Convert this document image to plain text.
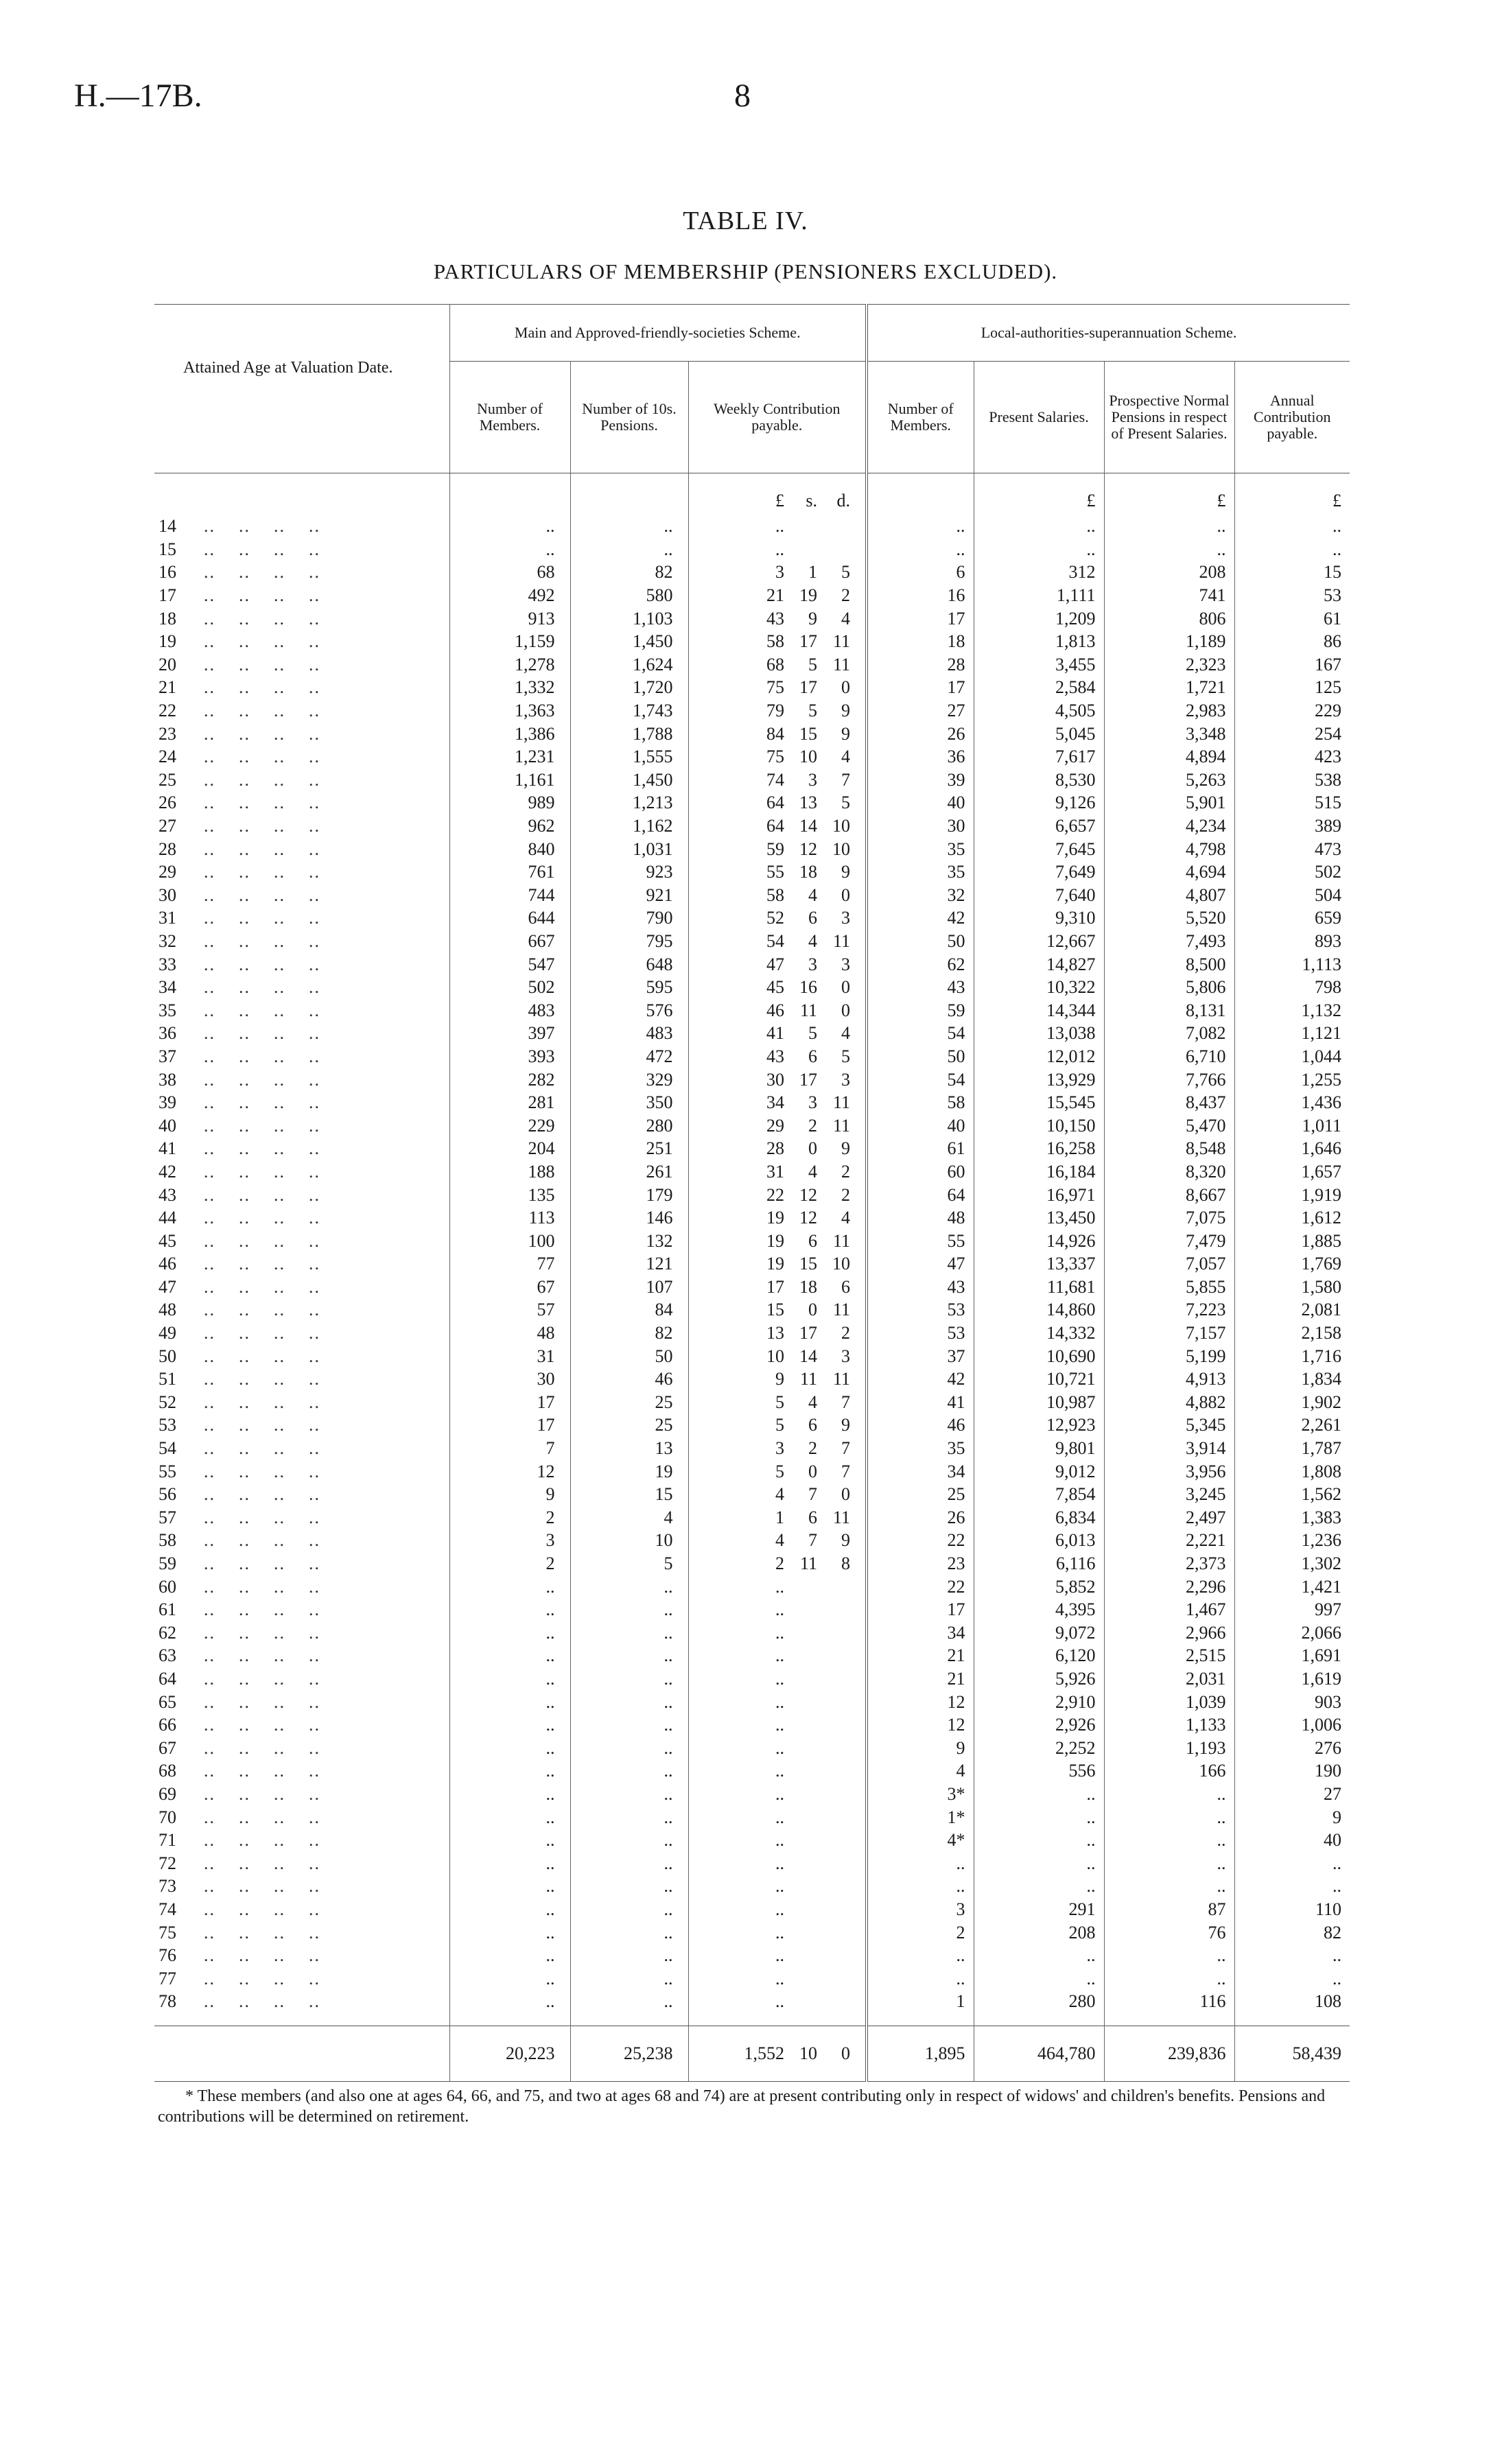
H.—17B.	8
TABLE IV.
PARTICULARS OF MEMBERSHIP (PENSIONERS EXCLUDED).
Attained Age at Valuation Date.	Main and Approved-friendly-societies Scheme.			Local-authorities-superannuation Scheme.			
	Number of Members.	Number of 10s. Pensions.	Weekly Contribution payable.	Number of Members.	Present Salaries.	Prospective Normal Pensions in respect of Present Salaries.	Annual Contribution payable.
			£ s. d.		£	£	£
14 ..    ..    ..    ..	..	..	..	..	..	..	..
15 ..    ..    ..    ..	..	..	..	..	..	..	..
16 ..    ..    ..    ..	68	82	3 1 5	6	312	208	15
17 ..    ..    ..    ..	492	580	21 19 2	16	1,111	741	53
18 ..    ..    ..    ..	913	1,103	43 9 4	17	1,209	806	61
19 ..    ..    ..    ..	1,159	1,450	58 17 11	18	1,813	1,189	86
20 ..    ..    ..    ..	1,278	1,624	68 5 11	28	3,455	2,323	167
21 ..    ..    ..    ..	1,332	1,720	75 17 0	17	2,584	1,721	125
22 ..    ..    ..    ..	1,363	1,743	79 5 9	27	4,505	2,983	229
23 ..    ..    ..    ..	1,386	1,788	84 15 9	26	5,045	3,348	254
24 ..    ..    ..    ..	1,231	1,555	75 10 4	36	7,617	4,894	423
25 ..    ..    ..    ..	1,161	1,450	74 3 7	39	8,530	5,263	538
26 ..    ..    ..    ..	989	1,213	64 13 5	40	9,126	5,901	515
27 ..    ..    ..    ..	962	1,162	64 14 10	30	6,657	4,234	389
28 ..    ..    ..    ..	840	1,031	59 12 10	35	7,645	4,798	473
29 ..    ..    ..    ..	761	923	55 18 9	35	7,649	4,694	502
30 ..    ..    ..    ..	744	921	58 4 0	32	7,640	4,807	504
31 ..    ..    ..    ..	644	790	52 6 3	42	9,310	5,520	659
32 ..    ..    ..    ..	667	795	54 4 11	50	12,667	7,493	893
33 ..    ..    ..    ..	547	648	47 3 3	62	14,827	8,500	1,113
34 ..    ..    ..    ..	502	595	45 16 0	43	10,322	5,806	798
35 ..    ..    ..    ..	483	576	46 11 0	59	14,344	8,131	1,132
36 ..    ..    ..    ..	397	483	41 5 4	54	13,038	7,082	1,121
37 ..    ..    ..    ..	393	472	43 6 5	50	12,012	6,710	1,044
38 ..    ..    ..    ..	282	329	30 17 3	54	13,929	7,766	1,255
39 ..    ..    ..    ..	281	350	34 3 11	58	15,545	8,437	1,436
40 ..    ..    ..    ..	229	280	29 2 11	40	10,150	5,470	1,011
41 ..    ..    ..    ..	204	251	28 0 9	61	16,258	8,548	1,646
42 ..    ..    ..    ..	188	261	31 4 2	60	16,184	8,320	1,657
43 ..    ..    ..    ..	135	179	22 12 2	64	16,971	8,667	1,919
44 ..    ..    ..    ..	113	146	19 12 4	48	13,450	7,075	1,612
45 ..    ..    ..    ..	100	132	19 6 11	55	14,926	7,479	1,885
46 ..    ..    ..    ..	77	121	19 15 10	47	13,337	7,057	1,769
47 ..    ..    ..    ..	67	107	17 18 6	43	11,681	5,855	1,580
48 ..    ..    ..    ..	57	84	15 0 11	53	14,860	7,223	2,081
49 ..    ..    ..    ..	48	82	13 17 2	53	14,332	7,157	2,158
50 ..    ..    ..    ..	31	50	10 14 3	37	10,690	5,199	1,716
51 ..    ..    ..    ..	30	46	9 11 11	42	10,721	4,913	1,834
52 ..    ..    ..    ..	17	25	5 4 7	41	10,987	4,882	1,902
53 ..    ..    ..    ..	17	25	5 6 9	46	12,923	5,345	2,261
54 ..    ..    ..    ..	7	13	3 2 7	35	9,801	3,914	1,787
55 ..    ..    ..    ..	12	19	5 0 7	34	9,012	3,956	1,808
56 ..    ..    ..    ..	9	15	4 7 0	25	7,854	3,245	1,562
57 ..    ..    ..    ..	2	4	1 6 11	26	6,834	2,497	1,383
58 ..    ..    ..    ..	3	10	4 7 9	22	6,013	2,221	1,236
59 ..    ..    ..    ..	2	5	2 11 8	23	6,116	2,373	1,302
60 ..    ..    ..    ..	..	..	..	22	5,852	2,296	1,421
61 ..    ..    ..    ..	..	..	..	17	4,395	1,467	997
62 ..    ..    ..    ..	..	..	..	34	9,072	2,966	2,066
63 ..    ..    ..    ..	..	..	..	21	6,120	2,515	1,691
64 ..    ..    ..    ..	..	..	..	21	5,926	2,031	1,619
65 ..    ..    ..    ..	..	..	..	12	2,910	1,039	903
66 ..    ..    ..    ..	..	..	..	12	2,926	1,133	1,006
67 ..    ..    ..    ..	..	..	..	9	2,252	1,193	276
68 ..    ..    ..    ..	..	..	..	4	556	166	190
69 ..    ..    ..    ..	..	..	..	3*	..	..	27
70 ..    ..    ..    ..	..	..	..	1*	..	..	9
71 ..    ..    ..    ..	..	..	..	4*	..	..	40
72 ..    ..    ..    ..	..	..	..	..	..	..	..
73 ..    ..    ..    ..	..	..	..	..	..	..	..
74 ..    ..    ..    ..	..	..	..	3	291	87	110
75 ..    ..    ..    ..	..	..	..	2	208	76	82
76 ..    ..    ..    ..	..	..	..	..	..	..	..
77 ..    ..    ..    ..	..	..	..	..	..	..	..
78 ..    ..    ..    ..	..	..	..	1	280	116	108

	20,223	25,238	1,552 10 0	1,895	464,780	239,836	58,439
* These members (and also one at ages 64, 66, and 75, and two at ages 68 and 74) are at present contributing only in respect of widows' and children's benefits. Pensions and contributions will be determined on retirement.
